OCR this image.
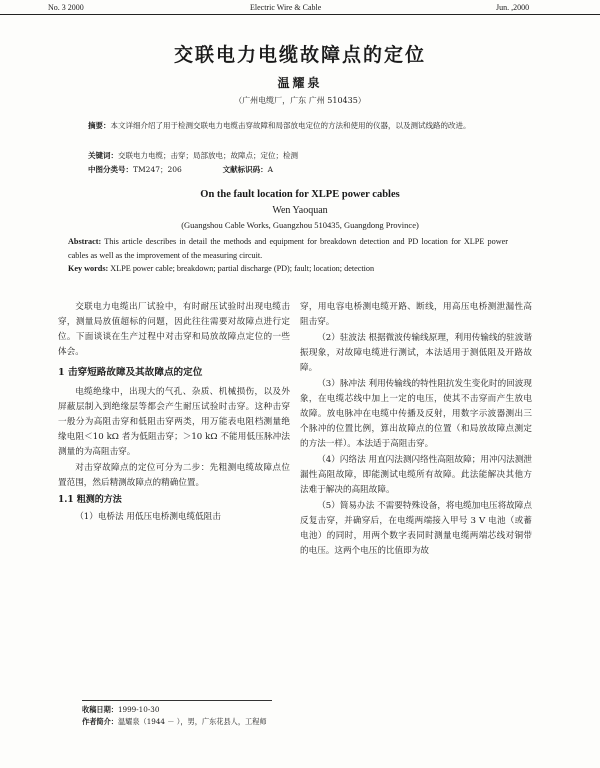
No. 3 2000	Electric Wire & Cable	Jun. ,2000
交联电力电缆故障点的定位
温耀泉
（广州电缆厂，广东 广州 510435）
摘要：本文详细介绍了用于检测交联电力电缆击穿故障和局部放电定位的方法和使用的仪器，以及测试线路的改进。
关键词：交联电力电缆；击穿；局部放电；故障点；定位；检测
中图分类号：TM247；206	文献标识码：A
On the fault location for XLPE power cables
Wen Yaoquan
(Guangshou Cable Works, Guangzhou 510435, Guangdong Province)
Abstract: This article describes in detail the methods and equipment for breakdown detection and PD location for XLPE power cables as well as the improvement of the measuring circuit.
Key words: XLPE power cable; breakdown; partial discharge (PD); fault; location; detection

交联电力电缆出厂试验中，有时耐压试验时出现电缆击穿，测量局放值超标的问题，因此往往需要对故障点进行定位。下面谈谈在生产过程中对击穿和局放故障点定位的一些体会。

1 击穿短路故障及其故障点的定位

电缆绝缘中，出现大的气孔、杂质、机械损伤，以及外屏蔽层制入到绝缘层等都会产生耐压试验时击穿。这种击穿一般分为高阻击穿和低阻击穿两类，用万能表电阻档测量绝缘电阻＜10 kΩ 者为低阻击穿；＞10 kΩ 不能用低压脉冲法测量的为高阻击穿。

对击穿故障点的定位可分为二步：先粗测电缆故障点位置范围，然后精测故障点的精确位置。

1.1 粗测的方法

（1）电桥法 用低压电桥测电缆低阻击

穿，用电容电桥测电缆开路、断线，用高压电桥测泄漏性高阻击穿。

（2）驻波法 根据微波传输线原理，利用传输线的驻波谐振现象，对故障电缆进行测试，本法适用于测低阻及开路故障。

（3）脉冲法 利用传输线的特性阻抗发生变化时的回波现象，在电缆芯线中加上一定的电压，使其不击穿而产生放电故障。放电脉冲在电缆中传播及反射，用数字示波器测出三个脉冲的位置比例，算出故障点的位置（和局放故障点测定的方法一样）。本法适于高阻击穿。

（4）闪络法 用直闪法测闪络性高阻故障；用冲闪法测泄漏性高阻故障，即能测试电缆所有故障。此法能解决其他方法难于解决的高阻故障。

（5）简易办法 不需要特殊设备，将电缆加电压将故障点反复击穿，并确穿后，在电缆两端接入甲号 3 V 电池（或蓄电池）的同时，用两个数字表同时测量电缆两端芯线对铜带的电压。这两个电压的比值即为故

收稿日期：1999-10-30
作者简介：温耀泉（1944 － ），男，广东花县人，工程师
